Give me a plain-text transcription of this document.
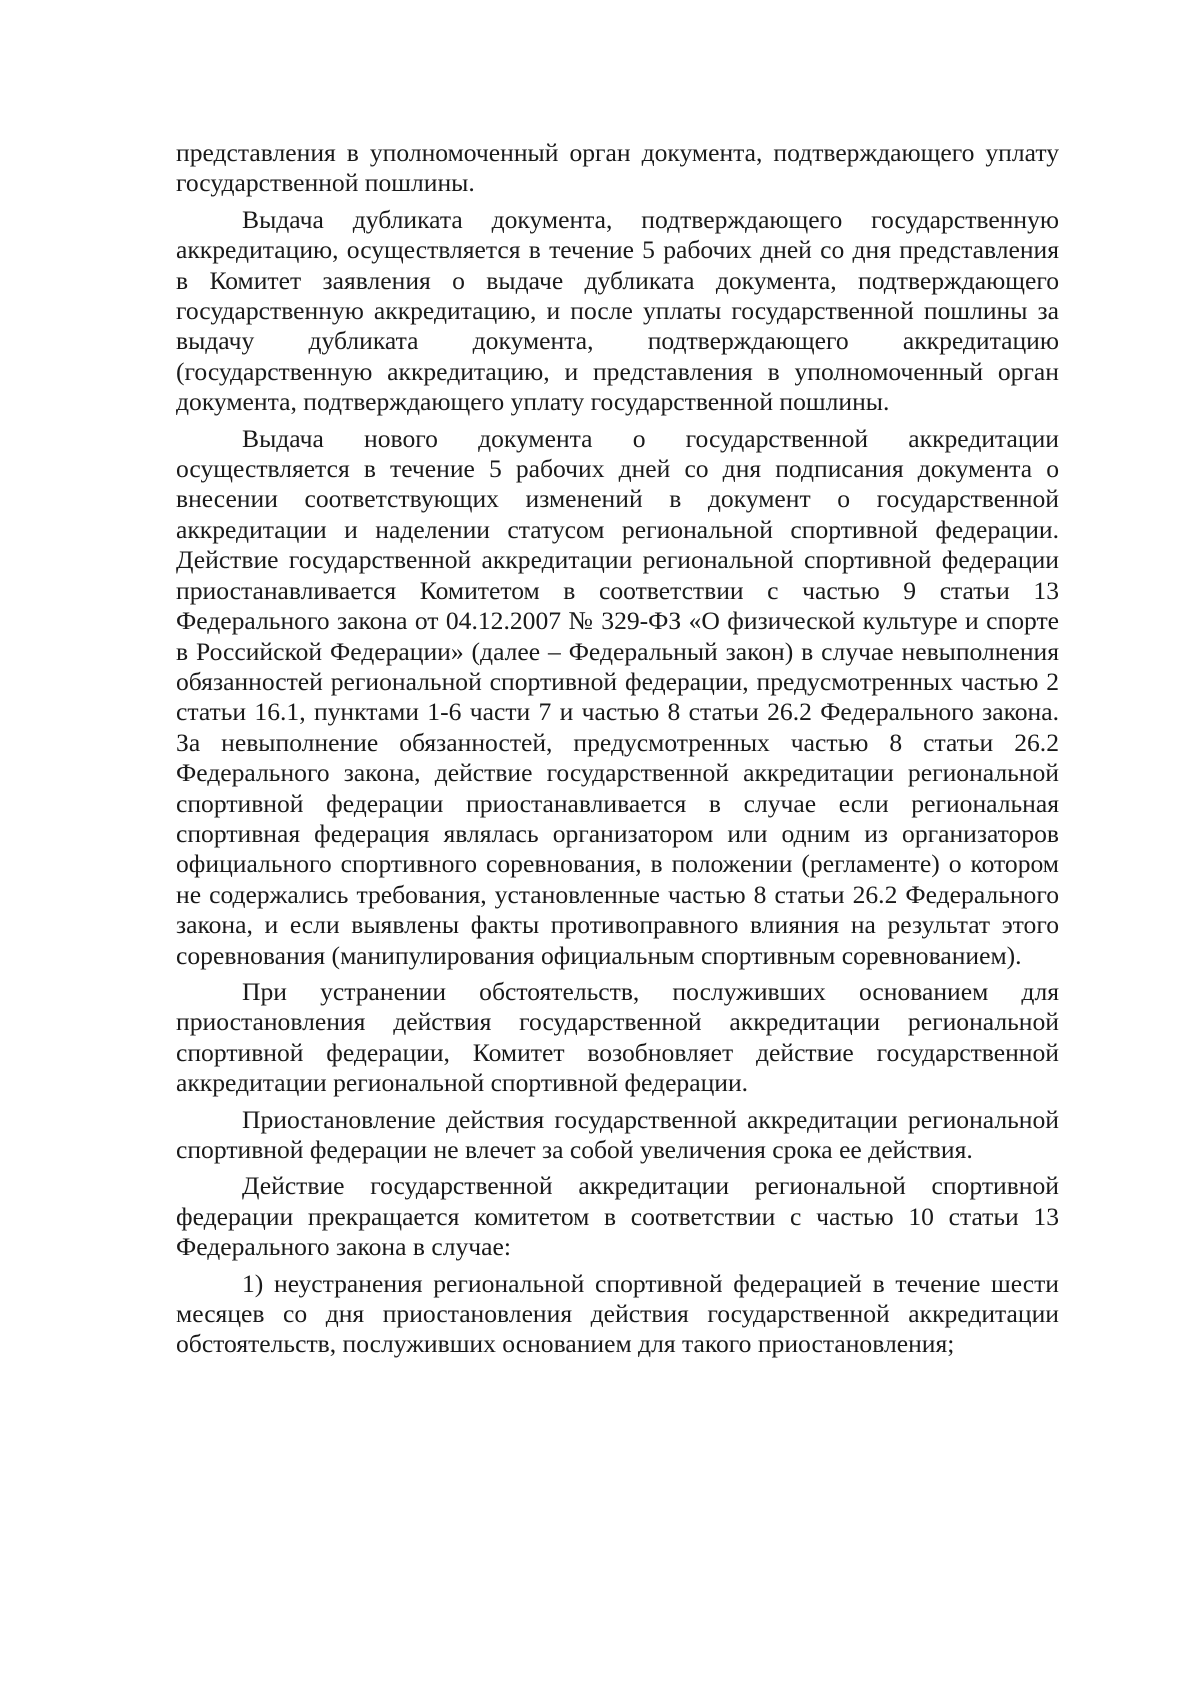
представления в уполномоченный орган документа, подтверждающего уплату государственной пошлины.

Выдача дубликата документа, подтверждающего государственную аккредитацию, осуществляется в течение 5 рабочих дней со дня представления в Комитет заявления о выдаче дубликата документа, подтверждающего государственную аккредитацию, и после уплаты государственной пошлины за выдачу дубликата документа, подтверждающего аккредитацию (государственную аккредитацию, и представления в уполномоченный орган документа, подтверждающего уплату государственной пошлины.

Выдача нового документа о государственной аккредитации осуществляется в течение 5 рабочих дней со дня подписания документа о внесении соответствующих изменений в документ о государственной аккредитации и наделении статусом региональной спортивной федерации. Действие государственной аккредитации региональной спортивной федерации приостанавливается Комитетом в соответствии с частью 9 статьи 13 Федерального закона от 04.12.2007 № 329-ФЗ «О физической культуре и спорте в Российской Федерации» (далее – Федеральный закон) в случае невыполнения обязанностей региональной спортивной федерации, предусмотренных частью 2 статьи 16.1, пунктами 1-6 части 7 и частью 8 статьи 26.2 Федерального закона. За невыполнение обязанностей, предусмотренных частью 8 статьи 26.2 Федерального закона, действие государственной аккредитации региональной спортивной федерации приостанавливается в случае если региональная спортивная федерация являлась организатором или одним из организаторов официального спортивного соревнования, в положении (регламенте) о котором не содержались требования, установленные частью 8 статьи 26.2 Федерального закона, и если выявлены факты противоправного влияния на результат этого соревнования (манипулирования официальным спортивным соревнованием).

При устранении обстоятельств, послуживших основанием для приостановления действия государственной аккредитации региональной спортивной федерации, Комитет возобновляет действие государственной аккредитации региональной спортивной федерации.

Приостановление действия государственной аккредитации региональной спортивной федерации не влечет за собой увеличения срока ее действия.

Действие государственной аккредитации региональной спортивной федерации прекращается комитетом в соответствии с частью 10 статьи 13 Федерального закона в случае:

1) неустранения региональной спортивной федерацией в течение шести месяцев со дня приостановления действия государственной аккредитации обстоятельств, послуживших основанием для такого приостановления;
